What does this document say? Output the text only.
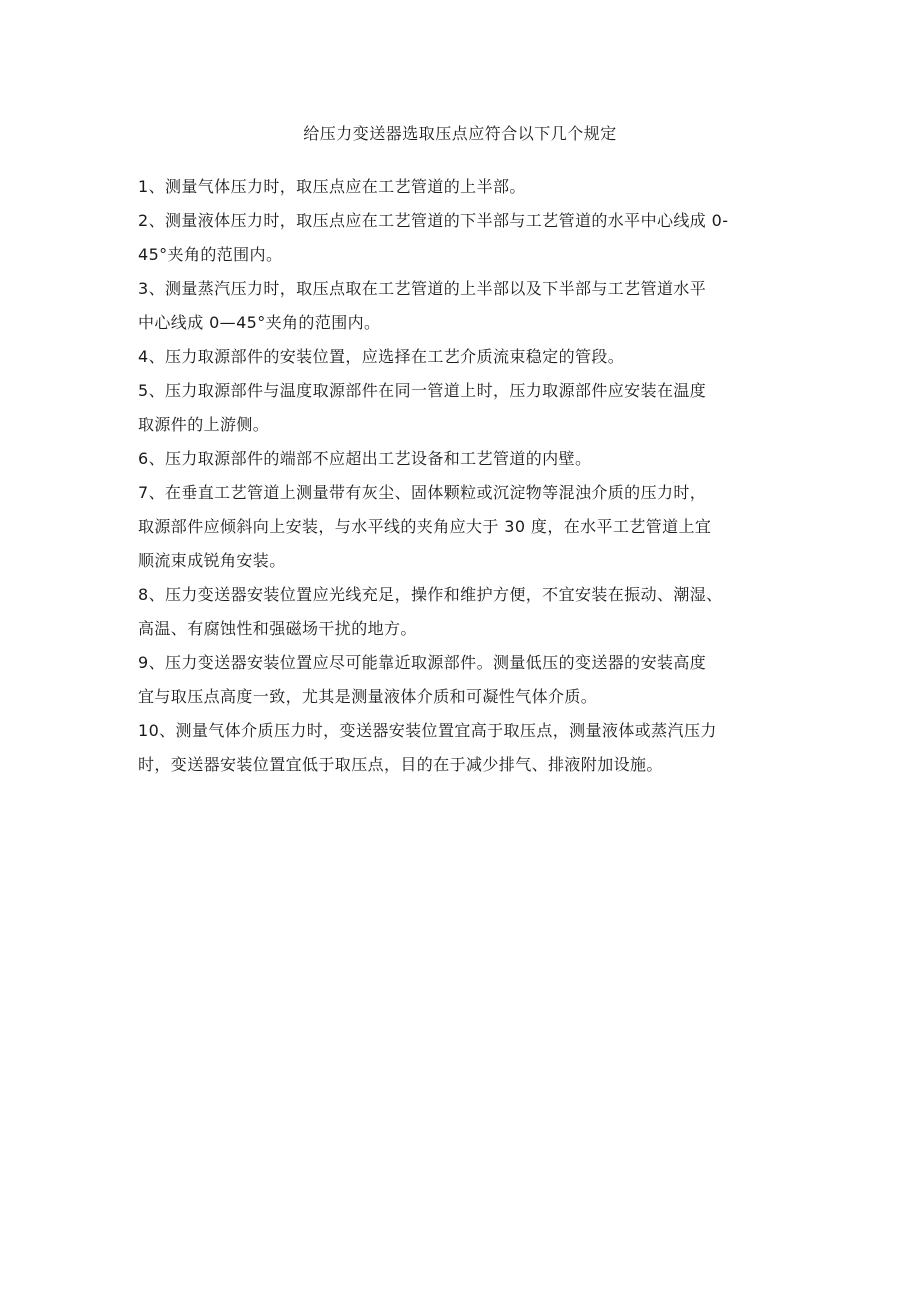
给压力变送器选取压点应符合以下几个规定
1、测量气体压力时，取压点应在工艺管道的上半部。
2、测量液体压力时，取压点应在工艺管道的下半部与工艺管道的水平中心线成 0-
45°夹角的范围内。
3、测量蒸汽压力时，取压点取在工艺管道的上半部以及下半部与工艺管道水平
中心线成 0—45°夹角的范围内。
4、压力取源部件的安装位置，应选择在工艺介质流束稳定的管段。
5、压力取源部件与温度取源部件在同一管道上时，压力取源部件应安装在温度
取源件的上游侧。
6、压力取源部件的端部不应超出工艺设备和工艺管道的内壁。
7、在垂直工艺管道上测量带有灰尘、固体颗粒或沉淀物等混浊介质的压力时，
取源部件应倾斜向上安装，与水平线的夹角应大于 30 度，在水平工艺管道上宜
顺流束成锐角安装。
8、压力变送器安装位置应光线充足，操作和维护方便，不宜安装在振动、潮湿、
高温、有腐蚀性和强磁场干扰的地方。
9、压力变送器安装位置应尽可能靠近取源部件。测量低压的变送器的安装高度
宜与取压点高度一致，尤其是测量液体介质和可凝性气体介质。
10、测量气体介质压力时，变送器安装位置宜高于取压点，测量液体或蒸汽压力
时，变送器安装位置宜低于取压点，目的在于减少排气、排液附加设施。
